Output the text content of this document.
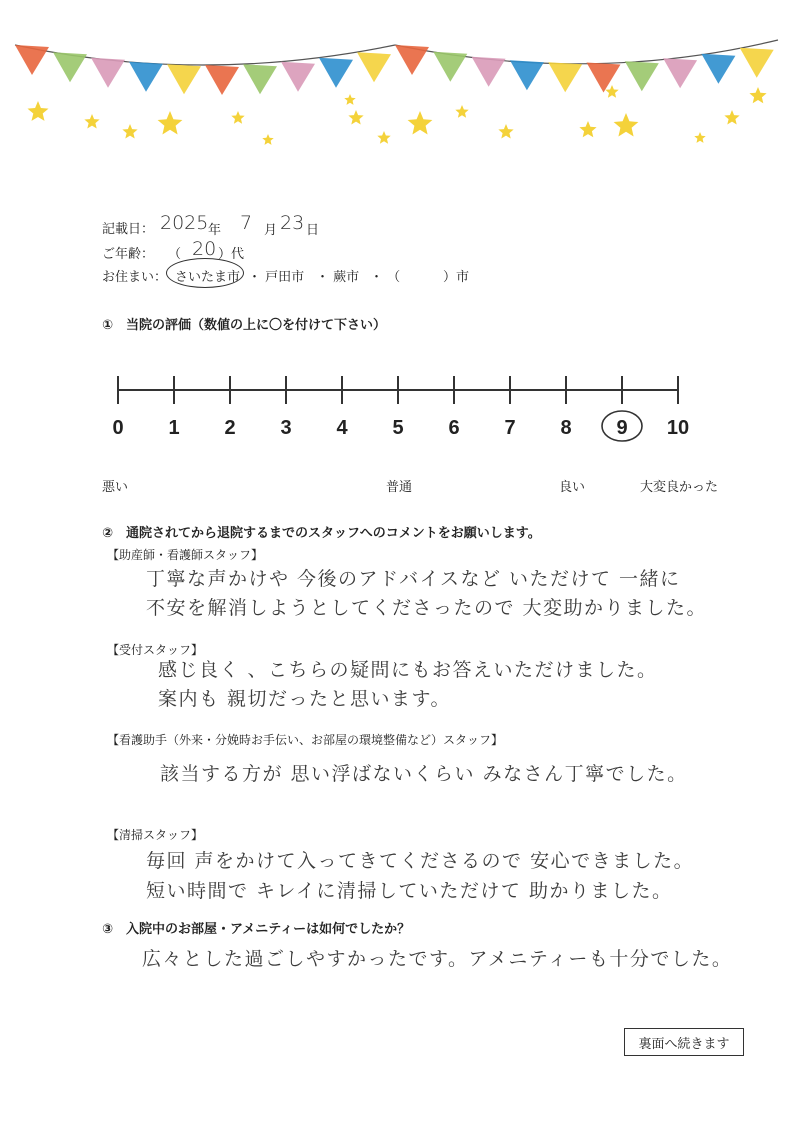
記載日： 2025 年 7 月 23 日
ご年齢： （ 20 ）代
お住まい： さいたま市 ・ 戸田市 ・ 蕨市 ・ （	）市
①　当院の評価（数値の上に〇を付けて下さい）
0 1 2 3 4 5 6 7 8 9 10
悪い	普通	良い	大変良かった
②　通院されてから退院するまでのスタッフへのコメントをお願いします。
【助産師・看護師スタッフ】
丁寧な声かけや 今後のアドバイスなど いただけて 一緒に
不安を解消しようとしてくださったので 大変助かりました。
【受付スタッフ】
感じ良く 、こちらの疑問にもお答えいただけました。
案内も 親切だったと思います。
【看護助手（外来・分娩時お手伝い、お部屋の環境整備など）スタッフ】
該当する方が 思い浮ばないくらい みなさん丁寧でした。
【清掃スタッフ】
毎回 声をかけて入ってきてくださるので 安心できました。
短い時間で キレイに清掃していただけて 助かりました。
③　入院中のお部屋・アメニティーは如何でしたか？
広々とした過ごしやすかったです。アメニティーも十分でした。
裏面へ続きます
